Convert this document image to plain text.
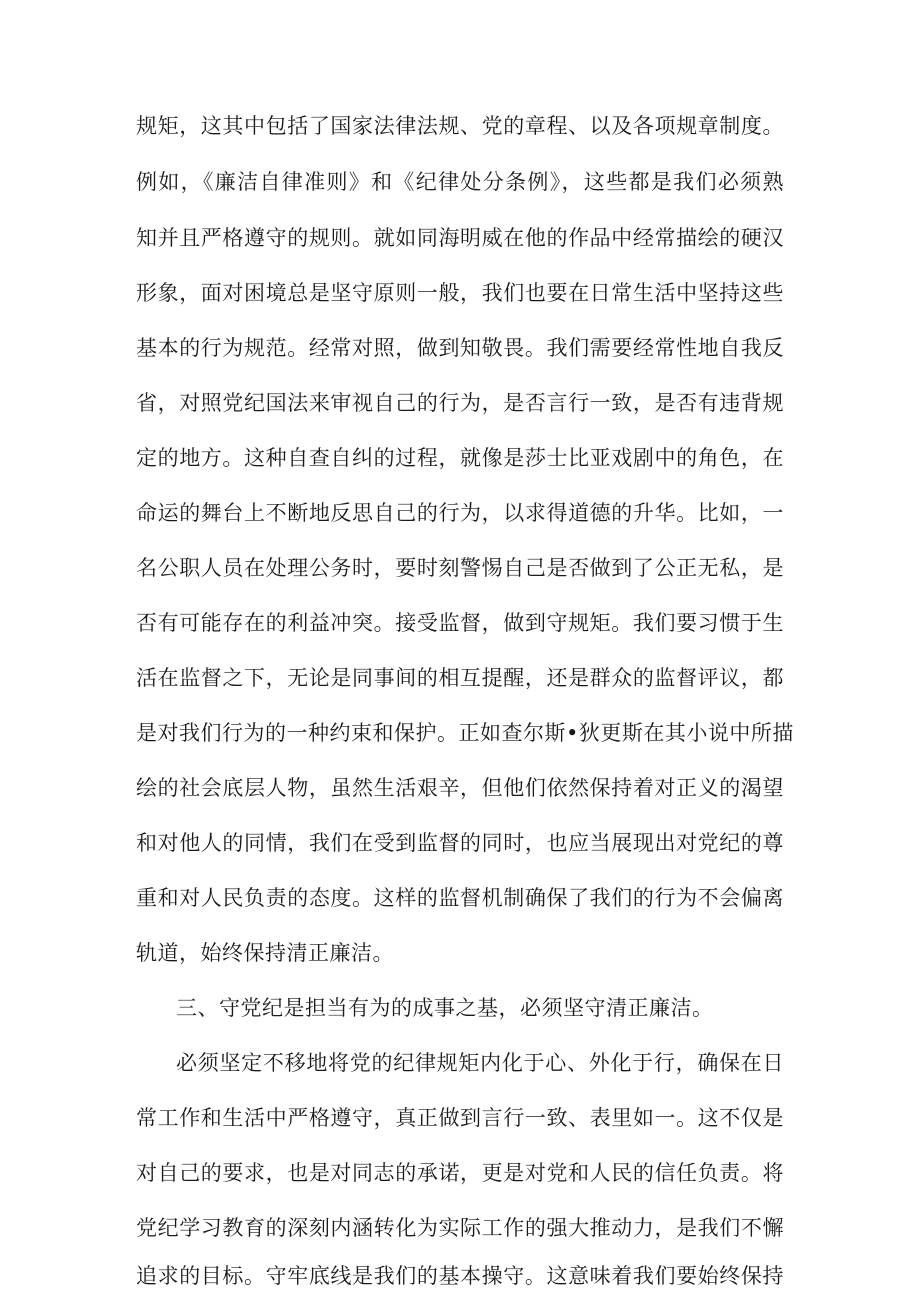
规矩，这其中包括了国家法律法规、党的章程、以及各项规章制度。
例如，《廉洁自律准则》和《纪律处分条例》，这些都是我们必须熟
知并且严格遵守的规则。就如同海明威在他的作品中经常描绘的硬汉
形象，面对困境总是坚守原则一般，我们也要在日常生活中坚持这些
基本的行为规范。经常对照，做到知敬畏。我们需要经常性地自我反
省，对照党纪国法来审视自己的行为，是否言行一致，是否有违背规
定的地方。这种自查自纠的过程，就像是莎士比亚戏剧中的角色，在
命运的舞台上不断地反思自己的行为，以求得道德的升华。比如，一
名公职人员在处理公务时，要时刻警惕自己是否做到了公正无私，是
否有可能存在的利益冲突。接受监督，做到守规矩。我们要习惯于生
活在监督之下，无论是同事间的相互提醒，还是群众的监督评议，都
是对我们行为的一种约束和保护。正如查尔斯•狄更斯在其小说中所描
绘的社会底层人物，虽然生活艰辛，但他们依然保持着对正义的渴望
和对他人的同情，我们在受到监督的同时，也应当展现出对党纪的尊
重和对人民负责的态度。这样的监督机制确保了我们的行为不会偏离
轨道，始终保持清正廉洁。
三、守党纪是担当有为的成事之基，必须坚守清正廉洁。
必须坚定不移地将党的纪律规矩内化于心、外化于行，确保在日
常工作和生活中严格遵守，真正做到言行一致、表里如一。这不仅是
对自己的要求，也是对同志的承诺，更是对党和人民的信任负责。将
党纪学习教育的深刻内涵转化为实际工作的强大推动力，是我们不懈
追求的目标。守牢底线是我们的基本操守。这意味着我们要始终保持
